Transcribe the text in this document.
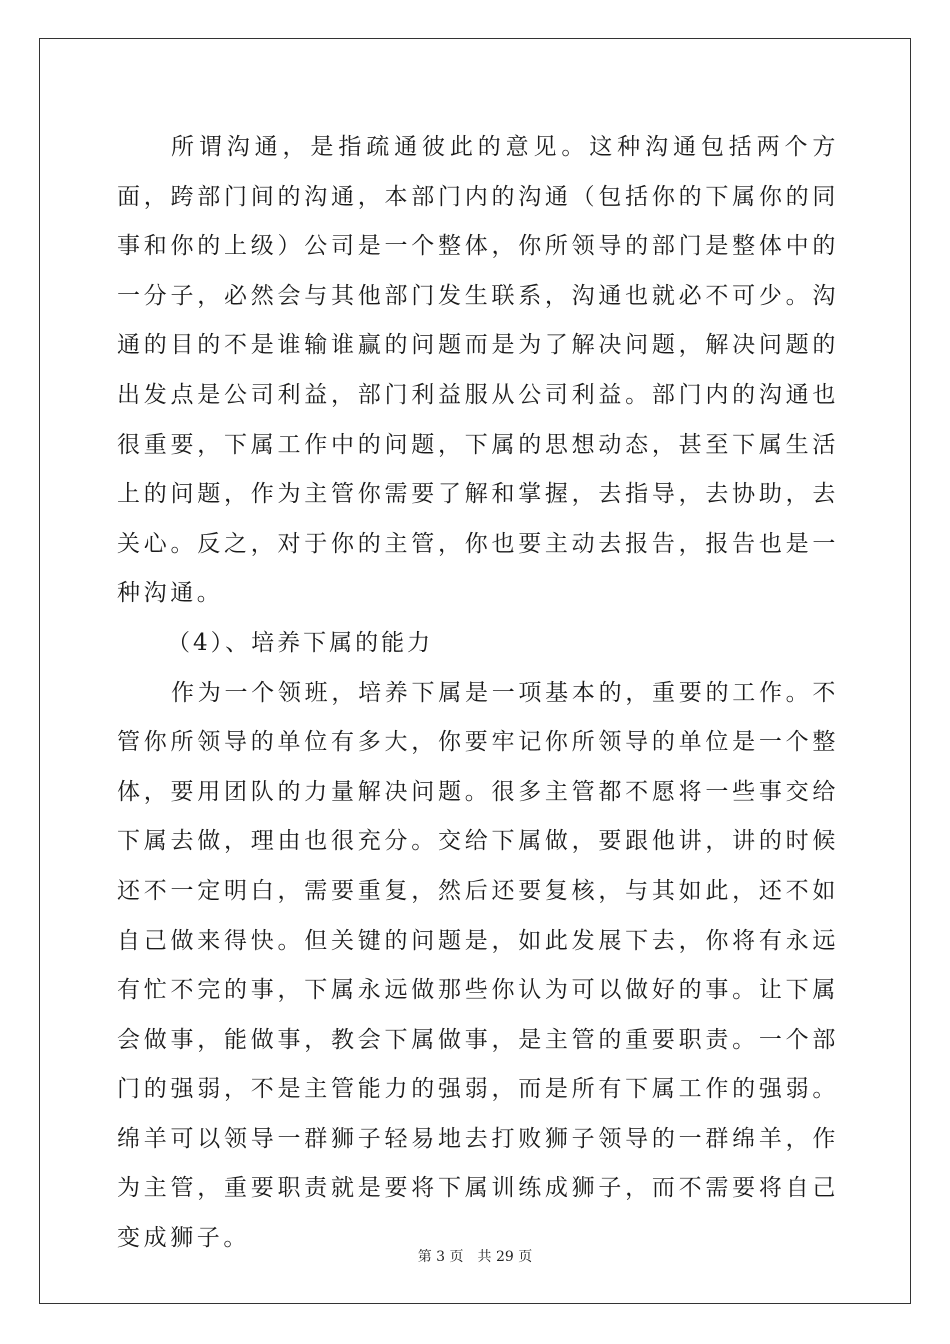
所谓沟通，是指疏通彼此的意见。这种沟通包括两个方面，跨部门间的沟通，本部门内的沟通（包括你的下属你的同事和你的上级）公司是一个整体，你所领导的部门是整体中的一分子，必然会与其他部门发生联系，沟通也就必不可少。沟通的目的不是谁输谁赢的问题而是为了解决问题，解决问题的出发点是公司利益，部门利益服从公司利益。部门内的沟通也很重要，下属工作中的问题，下属的思想动态，甚至下属生活上的问题，作为主管你需要了解和掌握，去指导，去协助，去关心。反之，对于你的主管，你也要主动去报告，报告也是一种沟通。

（4）、培养下属的能力

作为一个领班，培养下属是一项基本的，重要的工作。不管你所领导的单位有多大，你要牢记你所领导的单位是一个整体，要用团队的力量解决问题。很多主管都不愿将一些事交给下属去做，理由也很充分。交给下属做，要跟他讲，讲的时候还不一定明白，需要重复，然后还要复核，与其如此，还不如自己做来得快。但关键的问题是，如此发展下去，你将有永远有忙不完的事，下属永远做那些你认为可以做好的事。让下属会做事，能做事，教会下属做事，是主管的重要职责。一个部门的强弱，不是主管能力的强弱，而是所有下属工作的强弱。绵羊可以领导一群狮子轻易地去打败狮子领导的一群绵羊，作为主管，重要职责就是要将下属训练成狮子，而不需要将自己变成狮子。

第 3 页 共 29 页
